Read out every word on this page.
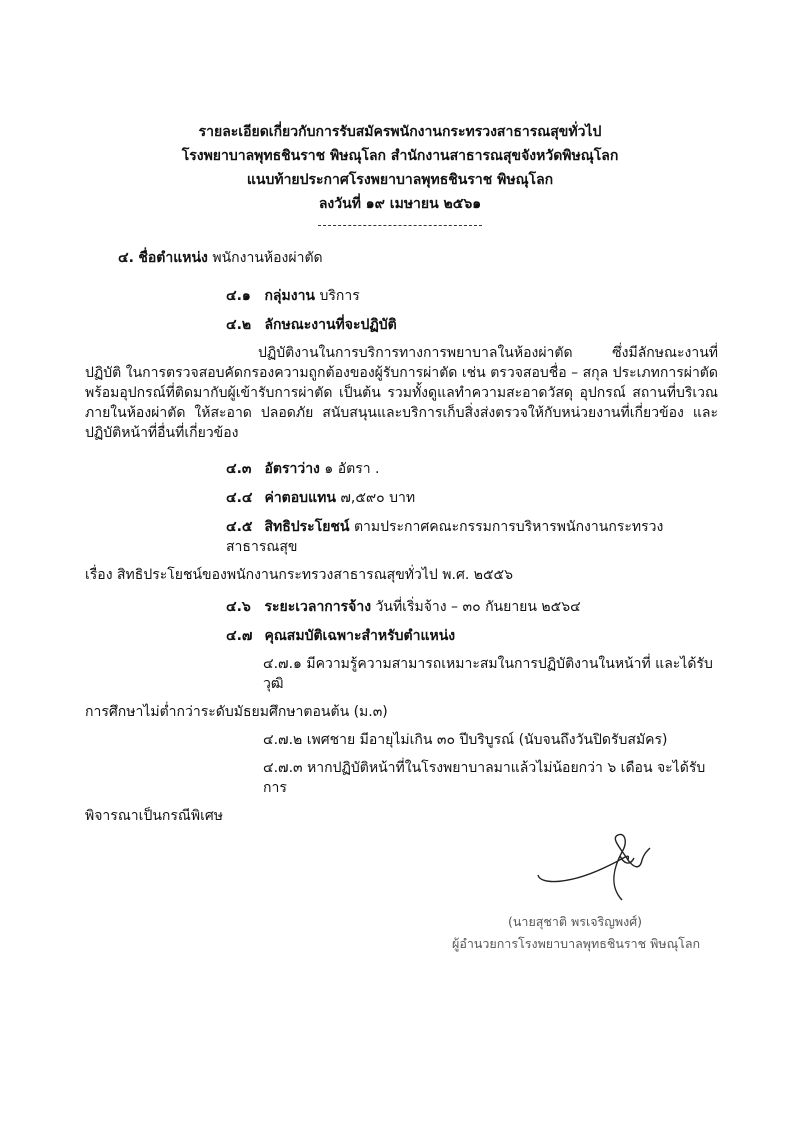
รายละเอียดเกี่ยวกับการรับสมัครพนักงานกระทรวงสาธารณสุขทั่วไป
โรงพยาบาลพุทธชินราช พิษณุโลก สำนักงานสาธารณสุขจังหวัดพิษณุโลก
แนบท้ายประกาศโรงพยาบาลพุทธชินราช พิษณุโลก
ลงวันที่ ๑๙ เมษายน ๒๕๖๑
๔. ชื่อตำแหน่ง พนักงานห้องผ่าตัด
๔.๑ กลุ่มงาน บริการ
๔.๒ ลักษณะงานที่จะปฏิบัติ
ปฏิบัติงานในการบริการทางการพยาบาลในห้องผ่าตัด ซึ่งมีลักษณะงานที่ปฏิบัติ ในการตรวจสอบคัดกรองความถูกต้องของผู้รับการผ่าตัด เช่น ตรวจสอบชื่อ – สกุล ประเภทการผ่าตัด พร้อมอุปกรณ์ที่ติดมากับผู้เข้ารับการผ่าตัด เป็นต้น รวมทั้งดูแลทำความสะอาดวัสดุ อุปกรณ์ สถานที่บริเวณ ภายในห้องผ่าตัด ให้สะอาด ปลอดภัย สนับสนุนและบริการเก็บสิ่งส่งตรวจให้กับหน่วยงานที่เกี่ยวข้อง และปฏิบัติหน้าที่อื่นที่เกี่ยวข้อง
๔.๓ อัตราว่าง ๑ อัตรา .
๔.๔ ค่าตอบแทน ๗,๕๙๐ บาท
๔.๕ สิทธิประโยชน์ ตามประกาศคณะกรรมการบริหารพนักงานกระทรวงสาธารณสุข
เรื่อง สิทธิประโยชน์ของพนักงานกระทรวงสาธารณสุขทั่วไป พ.ศ. ๒๕๕๖
๔.๖ ระยะเวลาการจ้าง วันที่เริ่มจ้าง – ๓๐ กันยายน ๒๕๖๔
๔.๗ คุณสมบัติเฉพาะสำหรับตำแหน่ง
๔.๗.๑ มีความรู้ความสามารถเหมาะสมในการปฏิบัติงานในหน้าที่ และได้รับวุฒิ
การศึกษาไม่ต่ำกว่าระดับมัธยมศึกษาตอนต้น (ม.๓)
๔.๗.๒ เพศชาย มีอายุไม่เกิน ๓๐ ปีบริบูรณ์ (นับจนถึงวันปิดรับสมัคร)
๔.๗.๓ หากปฏิบัติหน้าที่ในโรงพยาบาลมาแล้วไม่น้อยกว่า ๖ เดือน จะได้รับการ
พิจารณาเป็นกรณีพิเศษ
(นายสุชาติ พรเจริญพงศ์)
ผู้อำนวยการโรงพยาบาลพุทธชินราช พิษณุโลก
